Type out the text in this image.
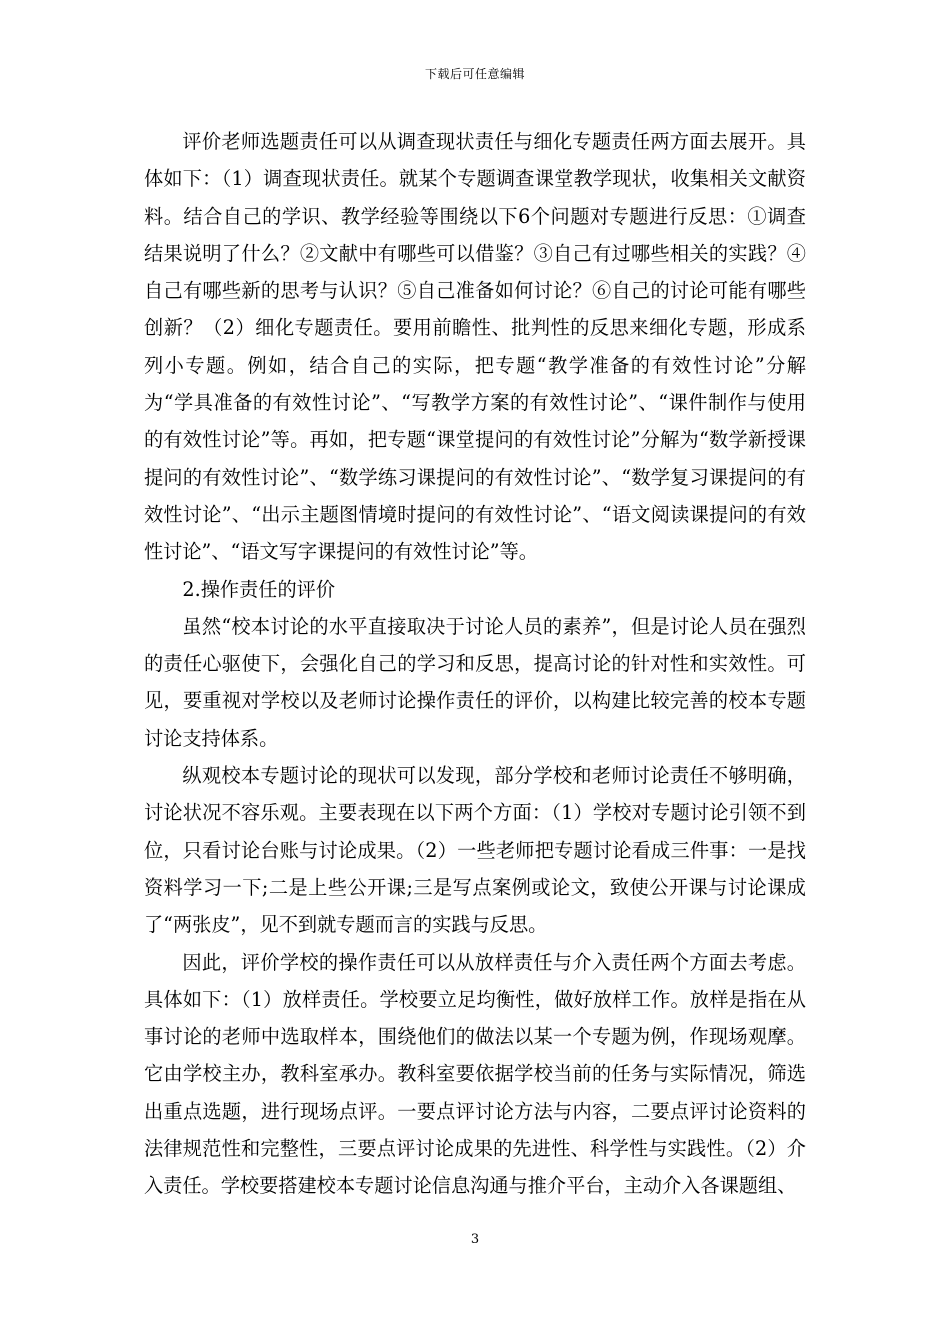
下载后可任意编辑

评价老师选题责任可以从调查现状责任与细化专题责任两方面去展开。具体如下：（1）调查现状责任。就某个专题调查课堂教学现状，收集相关文献资料。结合自己的学识、教学经验等围绕以下6个问题对专题进行反思：①调查结果说明了什么？②文献中有哪些可以借鉴？③自己有过哪些相关的实践？④自己有哪些新的思考与认识？⑤自己准备如何讨论？⑥自己的讨论可能有哪些创新？（2）细化专题责任。要用前瞻性、批判性的反思来细化专题，形成系列小专题。例如，结合自己的实际，把专题“教学准备的有效性讨论”分解为“学具准备的有效性讨论”、“写教学方案的有效性讨论”、“课件制作与使用的有效性讨论”等。再如，把专题“课堂提问的有效性讨论”分解为“数学新授课提问的有效性讨论”、“数学练习课提问的有效性讨论”、“数学复习课提问的有效性讨论”、“出示主题图情境时提问的有效性讨论”、“语文阅读课提问的有效性讨论”、“语文写字课提问的有效性讨论”等。

2.操作责任的评价

虽然“校本讨论的水平直接取决于讨论人员的素养”，但是讨论人员在强烈的责任心驱使下，会强化自己的学习和反思，提高讨论的针对性和实效性。可见，要重视对学校以及老师讨论操作责任的评价，以构建比较完善的校本专题讨论支持体系。

纵观校本专题讨论的现状可以发现，部分学校和老师讨论责任不够明确，讨论状况不容乐观。主要表现在以下两个方面：（1）学校对专题讨论引领不到位，只看讨论台账与讨论成果。（2）一些老师把专题讨论看成三件事：一是找资料学习一下;二是上些公开课;三是写点案例或论文，致使公开课与讨论课成了“两张皮”，见不到就专题而言的实践与反思。

因此，评价学校的操作责任可以从放样责任与介入责任两个方面去考虑。具体如下：（1）放样责任。学校要立足均衡性，做好放样工作。放样是指在从事讨论的老师中选取样本，围绕他们的做法以某一个专题为例，作现场观摩。它由学校主办，教科室承办。教科室要依据学校当前的任务与实际情况，筛选出重点选题，进行现场点评。一要点评讨论方法与内容，二要点评讨论资料的法律规范性和完整性，三要点评讨论成果的先进性、科学性与实践性。（2）介入责任。学校要搭建校本专题讨论信息沟通与推介平台，主动介入各课题组、

3
